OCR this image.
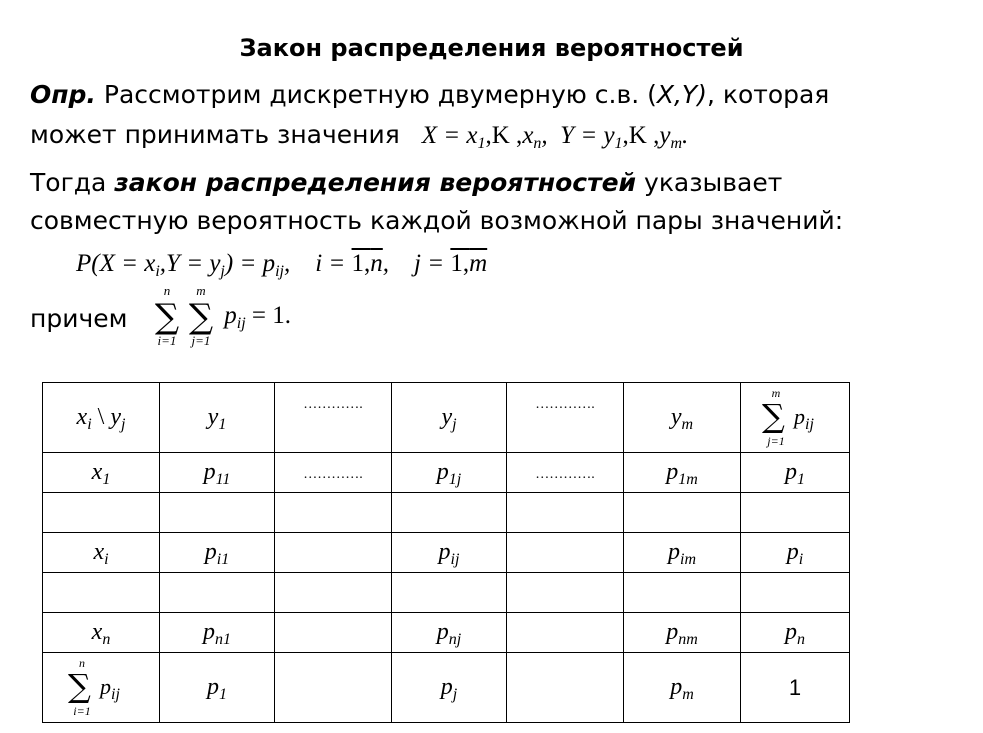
Закон распределения вероятностей
Опр. Рассмотрим дискретную двумерную с.в. (X,Y), которая
может принимать значения $X = x_1,K$ $,x_n$,  $Y = y_1,K$ $,y_m$.
Тогда закон распределения вероятностей указывает
совместную вероятность каждой возможной пары значений:
$P(X = x_i,Y = y_j) = p_{ij}$,    $i = 1,\overline{n}$,    $j = 1,\overline{m}$
причем
n
∑
i=1
m
∑
j=1
$p_{ij} = 1$.
$x_i$ \ $y_j$	$y_1$	………….	$y_j$	………….	$y_m$	m
∑
j=1
$p_{ij}$

$x_1$	$p_{11}$	………….	$p_{1j}$	………….	$p_{1m}$	$p_1$

$x_i$	$p_{i1}$		$p_{ij}$		$p_{im}$	$p_i$

$x_n$	$p_{n1}$		$p_{nj}$		$p_{nm}$	$p_n$

n
∑
i=1
$p_{ij}$	$p_1$		$p_j$		$p_m$	1
